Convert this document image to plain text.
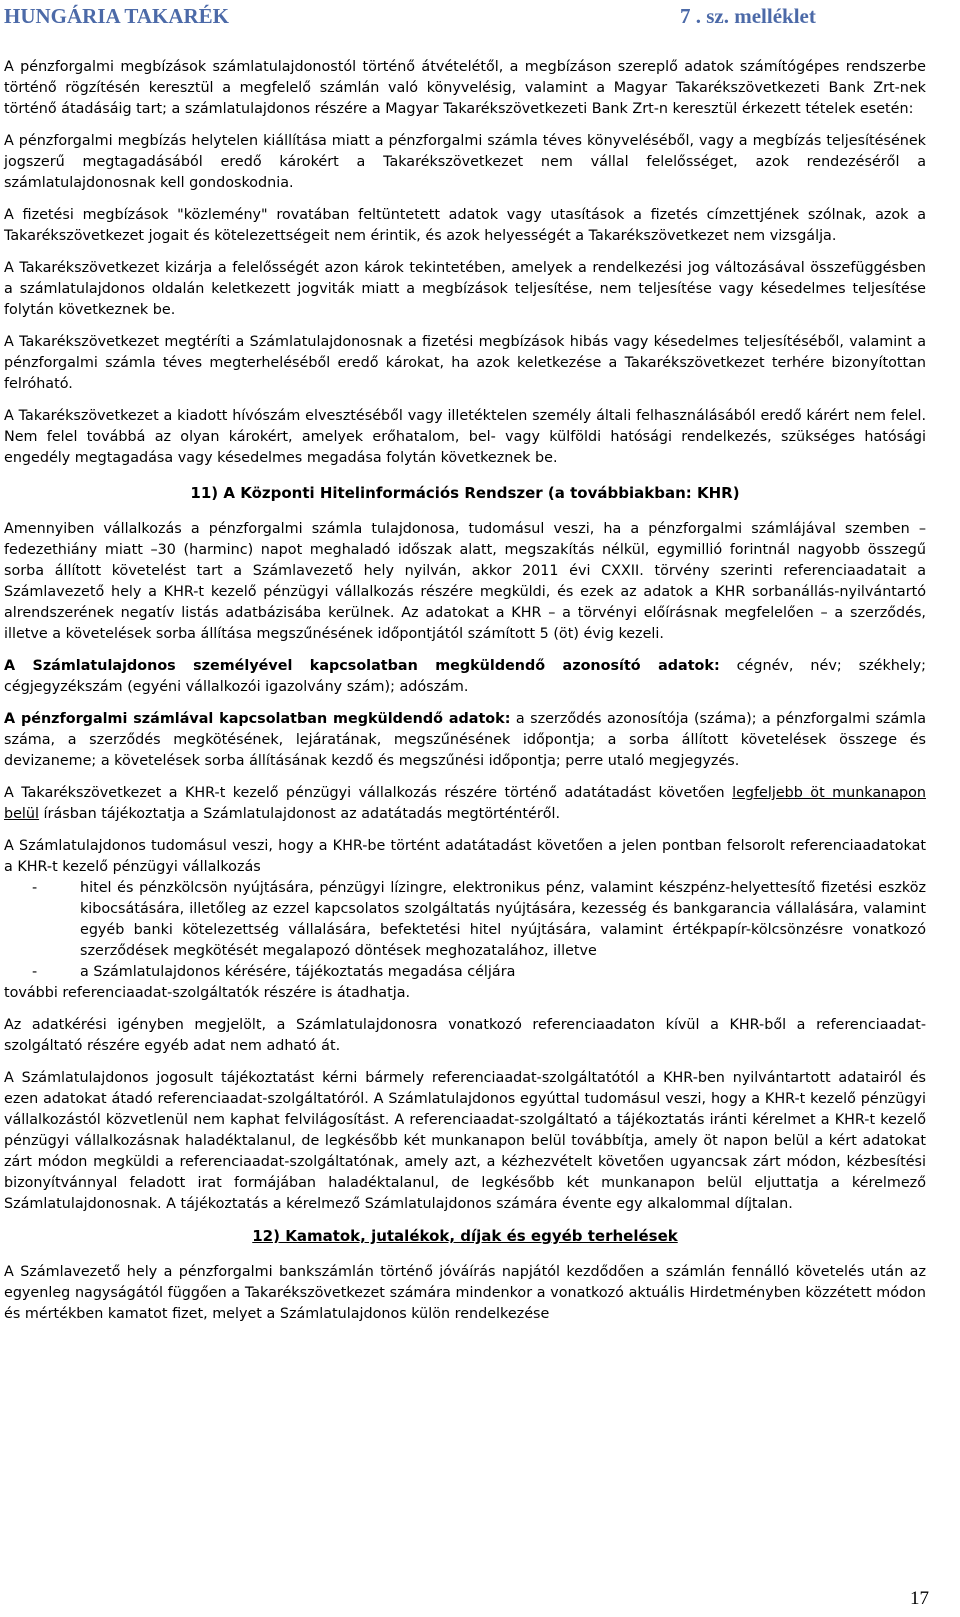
HUNGÁRIA TAKARÉK	7 . sz. melléklet

A pénzforgalmi megbízások számlatulajdonostól történő átvételétől, a megbízáson szereplő adatok számítógépes rendszerbe történő rögzítésén keresztül a megfelelő számlán való könyvelésig, valamint a Magyar Takarékszövetkezeti Bank Zrt-nek történő átadásáig tart; a számlatulajdonos részére a Magyar Takarékszövetkezeti Bank Zrt-n keresztül érkezett tételek esetén:

A pénzforgalmi megbízás helytelen kiállítása miatt a pénzforgalmi számla téves könyveléséből, vagy a megbízás teljesítésének jogszerű megtagadásából eredő károkért a Takarékszövetkezet nem vállal felelősséget, azok rendezéséről a számlatulajdonosnak kell gondoskodnia.

A fizetési megbízások "közlemény" rovatában feltüntetett adatok vagy utasítások a fizetés címzettjének szólnak, azok a Takarékszövetkezet jogait és kötelezettségeit nem érintik, és azok helyességét a Takarékszövetkezet nem vizsgálja.

A Takarékszövetkezet kizárja a felelősségét azon károk tekintetében, amelyek a rendelkezési jog változásával összefüggésben a számlatulajdonos oldalán keletkezett jogviták miatt a megbízások teljesítése, nem teljesítése vagy késedelmes teljesítése folytán következnek be.

A Takarékszövetkezet megtéríti a Számlatulajdonosnak a fizetési megbízások hibás vagy késedelmes teljesítéséből, valamint a pénzforgalmi számla téves megterheléséből eredő károkat, ha azok keletkezése a Takarékszövetkezet terhére bizonyítottan felróható.

A Takarékszövetkezet a kiadott hívószám elvesztéséből vagy illetéktelen személy általi felhasználásából eredő kárért nem felel. Nem felel továbbá az olyan károkért, amelyek erőhatalom, bel- vagy külföldi hatósági rendelkezés, szükséges hatósági engedély megtagadása vagy késedelmes megadása folytán következnek be.

11) A Központi Hitelinformációs Rendszer (a továbbiakban: KHR)

Amennyiben vállalkozás a pénzforgalmi számla tulajdonosa, tudomásul veszi, ha a pénzforgalmi számlájával szemben – fedezethiány miatt –30 (harminc) napot meghaladó időszak alatt, megszakítás nélkül, egymillió forintnál nagyobb összegű sorba állított követelést tart a Számlavezető hely nyilván, akkor 2011 évi CXXII. törvény szerinti referenciaadatait a Számlavezető hely a KHR-t kezelő pénzügyi vállalkozás részére megküldi, és ezek az adatok a KHR sorbanállás-nyilvántartó alrendszerének negatív listás adatbázisába kerülnek. Az adatokat a KHR – a törvényi előírásnak megfelelően – a szerződés, illetve a követelések sorba állítása megszűnésének időpontjától számított 5 (öt) évig kezeli.

A Számlatulajdonos személyével kapcsolatban megküldendő azonosító adatok: cégnév, név; székhely; cégjegyzékszám (egyéni vállalkozói igazolvány szám); adószám.

A pénzforgalmi számlával kapcsolatban megküldendő adatok: a szerződés azonosítója (száma); a pénzforgalmi számla száma, a szerződés megkötésének, lejáratának, megszűnésének időpontja; a sorba állított követelések összege és devizaneme; a követelések sorba állításának kezdő és megszűnési időpontja; perre utaló megjegyzés.

A Takarékszövetkezet a KHR-t kezelő pénzügyi vállalkozás részére történő adatátadást követően legfeljebb öt munkanapon belül írásban tájékoztatja a Számlatulajdonost az adatátadás megtörténtéről.

A Számlatulajdonos tudomásul veszi, hogy a KHR-be történt adatátadást követően a jelen pontban felsorolt referenciaadatokat a KHR-t kezelő pénzügyi vállalkozás

-	hitel és pénzkölcsön nyújtására, pénzügyi lízingre, elektronikus pénz, valamint készpénz-helyettesítő fizetési eszköz kibocsátására, illetőleg az ezzel kapcsolatos szolgáltatás nyújtására, kezesség és bankgarancia vállalására, valamint egyéb banki kötelezettség vállalására, befektetési hitel nyújtására, valamint értékpapír-kölcsönzésre vonatkozó szerződések megkötését megalapozó döntések meghozatalához, illetve
-	a Számlatulajdonos kérésére, tájékoztatás megadása céljára

további referenciaadat-szolgáltatók részére is átadhatja.

Az adatkérési igényben megjelölt, a Számlatulajdonosra vonatkozó referenciaadaton kívül a KHR-ből a referenciaadat-szolgáltató részére egyéb adat nem adható át.

A Számlatulajdonos jogosult tájékoztatást kérni bármely referenciaadat-szolgáltatótól a KHR-ben nyilvántartott adatairól és ezen adatokat átadó referenciaadat-szolgáltatóról. A Számlatulajdonos egyúttal tudomásul veszi, hogy a KHR-t kezelő pénzügyi vállalkozástól közvetlenül nem kaphat felvilágosítást. A referenciaadat-szolgáltató a tájékoztatás iránti kérelmet a KHR-t kezelő pénzügyi vállalkozásnak haladéktalanul, de legkésőbb két munkanapon belül továbbítja, amely öt napon belül a kért adatokat zárt módon megküldi a referenciaadat-szolgáltatónak, amely azt, a kézhezvételt követően ugyancsak zárt módon, kézbesítési bizonyítvánnyal feladott irat formájában haladéktalanul, de legkésőbb két munkanapon belül eljuttatja a kérelmező Számlatulajdonosnak. A tájékoztatás a kérelmező Számlatulajdonos számára évente egy alkalommal díjtalan.

12) Kamatok, jutalékok, díjak és egyéb terhelések

A Számlavezető hely a pénzforgalmi bankszámlán történő jóváírás napjától kezdődően a számlán fennálló követelés után az egyenleg nagyságától függően a Takarékszövetkezet számára mindenkor a vonatkozó aktuális Hirdetményben közzétett módon és mértékben kamatot fizet, melyet a Számlatulajdonos külön rendelkezése

17
